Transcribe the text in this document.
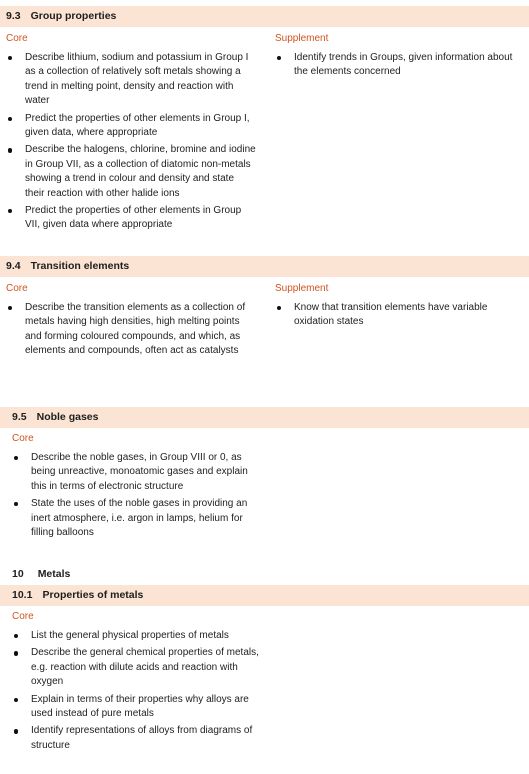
9.3 Group properties
Core
Describe lithium, sodium and potassium in Group I as a collection of relatively soft metals showing a trend in melting point, density and reaction with water
Predict the properties of other elements in Group I, given data, where appropriate
Describe the halogens, chlorine, bromine and iodine in Group VII, as a collection of diatomic non-metals showing a trend in colour and density and state their reaction with other halide ions
Predict the properties of other elements in Group VII, given data where appropriate
Supplement
Identify trends in Groups, given information about the elements concerned
9.4 Transition elements
Core
Describe the transition elements as a collection of metals having high densities, high melting points and forming coloured compounds, and which, as elements and compounds, often act as catalysts
Supplement
Know that transition elements have variable oxidation states
9.5 Noble gases
Core
Describe the noble gases, in Group VIII or 0, as being unreactive, monoatomic gases and explain this in terms of electronic structure
State the uses of the noble gases in providing an inert atmosphere, i.e. argon in lamps, helium for filling balloons
10 Metals
10.1 Properties of metals
Core
List the general physical properties of metals
Describe the general chemical properties of metals, e.g. reaction with dilute acids and reaction with oxygen
Explain in terms of their properties why alloys are used instead of pure metals
Identify representations of alloys from diagrams of structure
